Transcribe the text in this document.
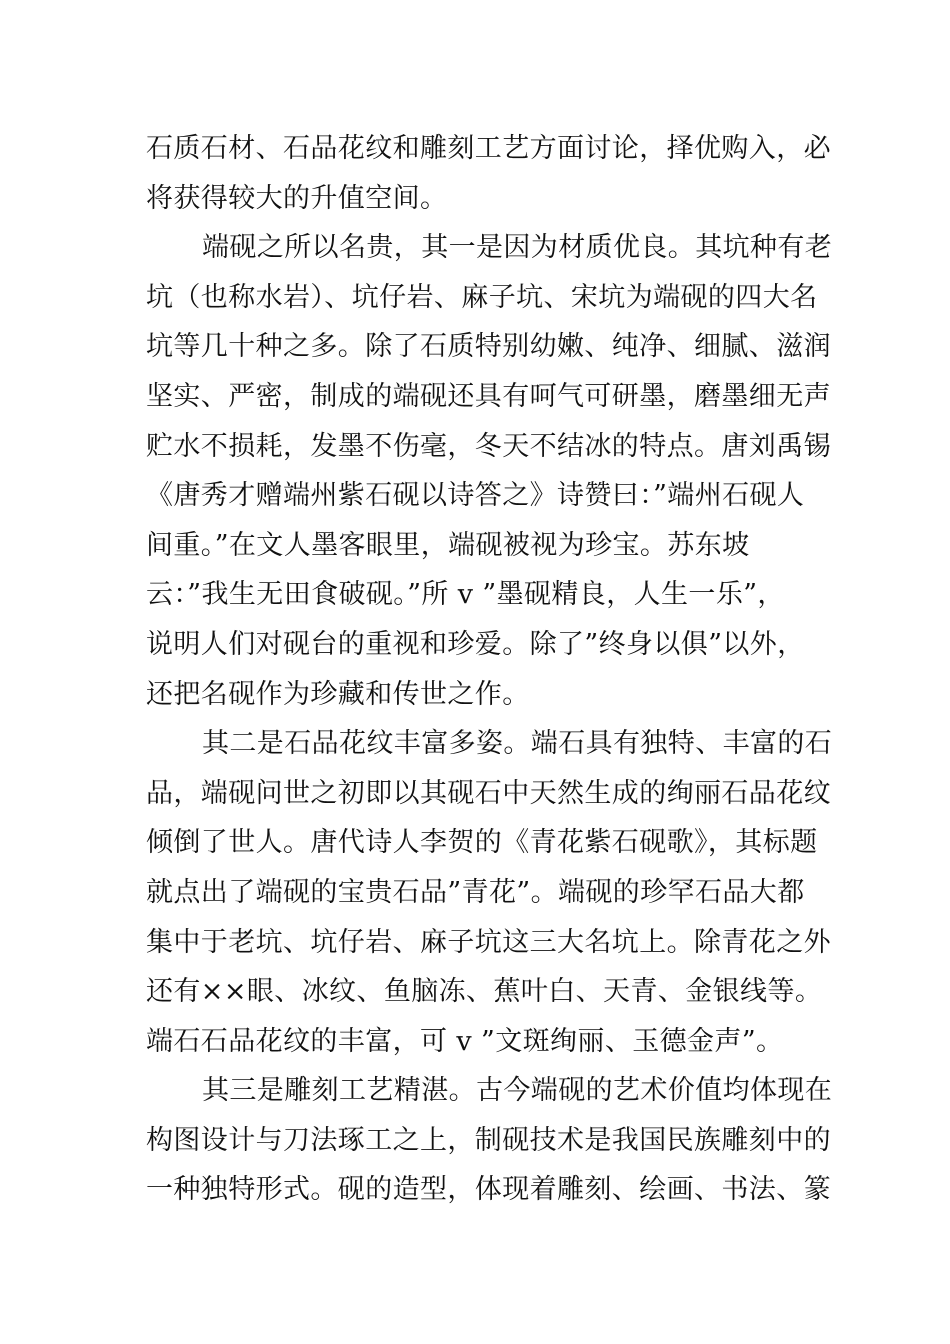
石质石材、石品花纹和雕刻工艺方面讨论，择优购入，必
将获得较大的升值空间。
端砚之所以名贵，其一是因为材质优良。其坑种有老
坑（也称水岩）、坑仔岩、麻子坑、宋坑为端砚的四大名
坑等几十种之多。除了石质特别幼嫩、纯净、细腻、滋润
坚实、严密，制成的端砚还具有呵气可研墨，磨墨细无声
贮水不损耗，发墨不伤毫，冬天不结冰的特点。唐刘禹锡
《唐秀才赠端州紫石砚以诗答之》诗赞曰：”端州石砚人
间重。”在文人墨客眼里，端砚被视为珍宝。苏东坡
云：”我生无田食破砚。”所 v ”墨砚精良，人生一乐”，
说明人们对砚台的重视和珍爱。除了”终身以俱”以外，
还把名砚作为珍藏和传世之作。
其二是石品花纹丰富多姿。端石具有独特、丰富的石
品，端砚问世之初即以其砚石中天然生成的绚丽石品花纹
倾倒了世人。唐代诗人李贺的《青花紫石砚歌》，其标题
就点出了端砚的宝贵石品”青花”。端砚的珍罕石品大都
集中于老坑、坑仔岩、麻子坑这三大名坑上。除青花之外
还有××眼、冰纹、鱼脑冻、蕉叶白、天青、金银线等。
端石石品花纹的丰富，可 v ”文斑绚丽、玉德金声”。
其三是雕刻工艺精湛。古今端砚的艺术价值均体现在
构图设计与刀法琢工之上，制砚技术是我国民族雕刻中的
一种独特形式。砚的造型，体现着雕刻、绘画、书法、篆
